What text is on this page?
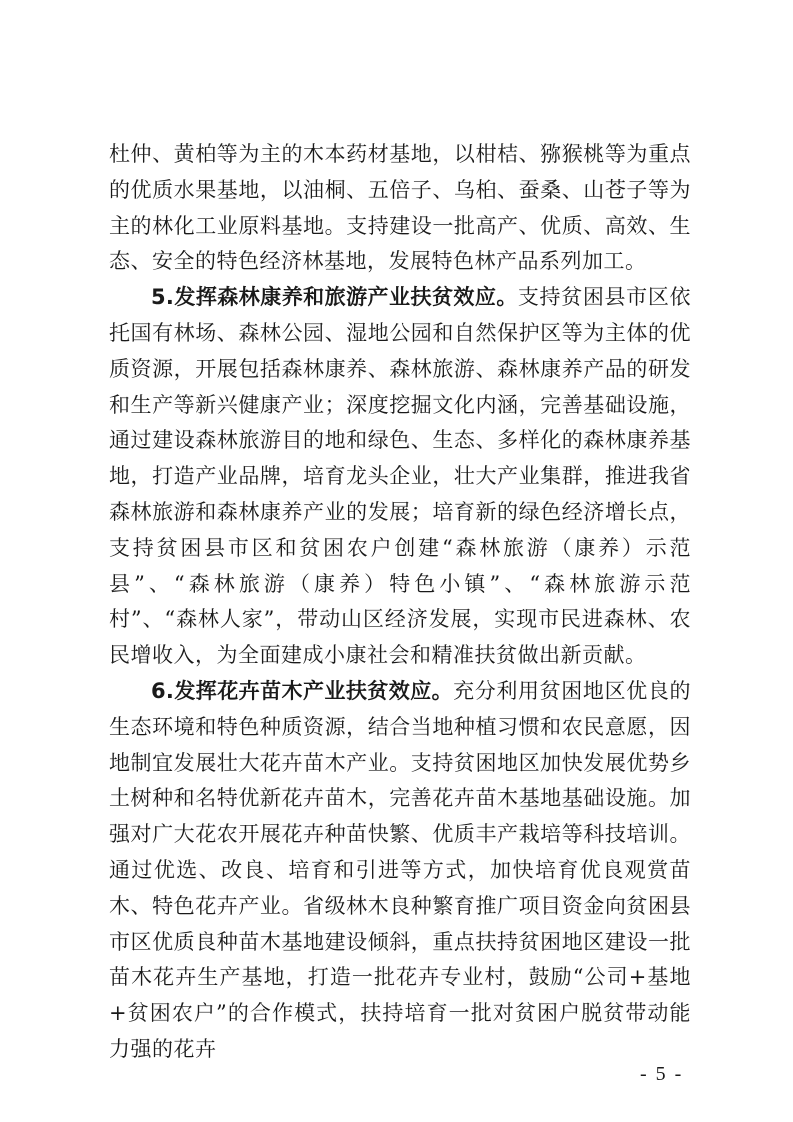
杜仲、黄柏等为主的木本药材基地，以柑桔、猕猴桃等为重点的优质水果基地，以油桐、五倍子、乌桕、蚕桑、山苍子等为主的林化工业原料基地。支持建设一批高产、优质、高效、生态、安全的特色经济林基地，发展特色林产品系列加工。

5.发挥森林康养和旅游产业扶贫效应。支持贫困县市区依托国有林场、森林公园、湿地公园和自然保护区等为主体的优质资源，开展包括森林康养、森林旅游、森林康养产品的研发和生产等新兴健康产业；深度挖掘文化内涵，完善基础设施，通过建设森林旅游目的地和绿色、生态、多样化的森林康养基地，打造产业品牌，培育龙头企业，壮大产业集群，推进我省森林旅游和森林康养产业的发展；培育新的绿色经济增长点，支持贫困县市区和贫困农户创建“森林旅游（康养）示范县”、“森林旅游（康养）特色小镇”、“森林旅游示范村”、“森林人家”，带动山区经济发展，实现市民进森林、农民增收入，为全面建成小康社会和精准扶贫做出新贡献。

6.发挥花卉苗木产业扶贫效应。充分利用贫困地区优良的生态环境和特色种质资源，结合当地种植习惯和农民意愿，因地制宜发展壮大花卉苗木产业。支持贫困地区加快发展优势乡土树种和名特优新花卉苗木，完善花卉苗木基地基础设施。加强对广大花农开展花卉种苗快繁、优质丰产栽培等科技培训。通过优选、改良、培育和引进等方式，加快培育优良观赏苗木、特色花卉产业。省级林木良种繁育推广项目资金向贫困县市区优质良种苗木基地建设倾斜，重点扶持贫困地区建设一批苗木花卉生产基地，打造一批花卉专业村，鼓励“公司+基地+贫困农户”的合作模式，扶持培育一批对贫困户脱贫带动能力强的花卉

- 5 -
